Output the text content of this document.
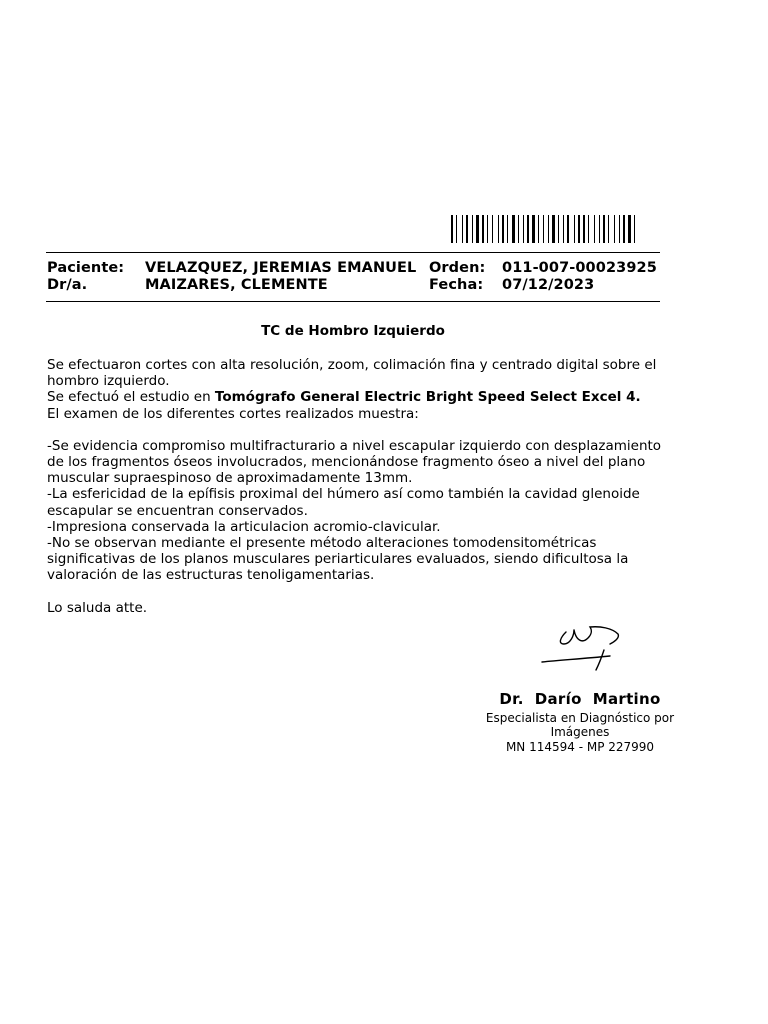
Paciente: VELAZQUEZ, JEREMIAS EMANUEL Orden: 011-007-00023925
Dr/a.	MAIZARES, CLEMENTE	Fecha: 07/12/2023
TC de Hombro Izquierdo

Se efectuaron cortes con alta resolución, zoom, colimación fina y centrado digital sobre el hombro izquierdo.

Se efectuó el estudio en Tomógrafo General Electric Bright Speed Select Excel 4.

El examen de los diferentes cortes realizados muestra:

-Se evidencia compromiso multifracturario a nivel escapular izquierdo con desplazamiento de los fragmentos óseos involucrados, mencionándose fragmento óseo a nivel del plano muscular supraespinoso de aproximadamente 13mm.

-La esfericidad de la epífisis proximal del húmero así como también la cavidad glenoide escapular se encuentran conservados.

-Impresiona conservada la articulacion acromio-clavicular.

-No se observan mediante el presente método alteraciones tomodensitométricas significativas de los planos musculares periarticulares evaluados, siendo dificultosa la valoración de las estructuras tenoligamentarias.

Lo saluda atte.

Dr.  Darío  Martino
Especialista en Diagnóstico por
Imágenes
MN 114594 - MP 227990
